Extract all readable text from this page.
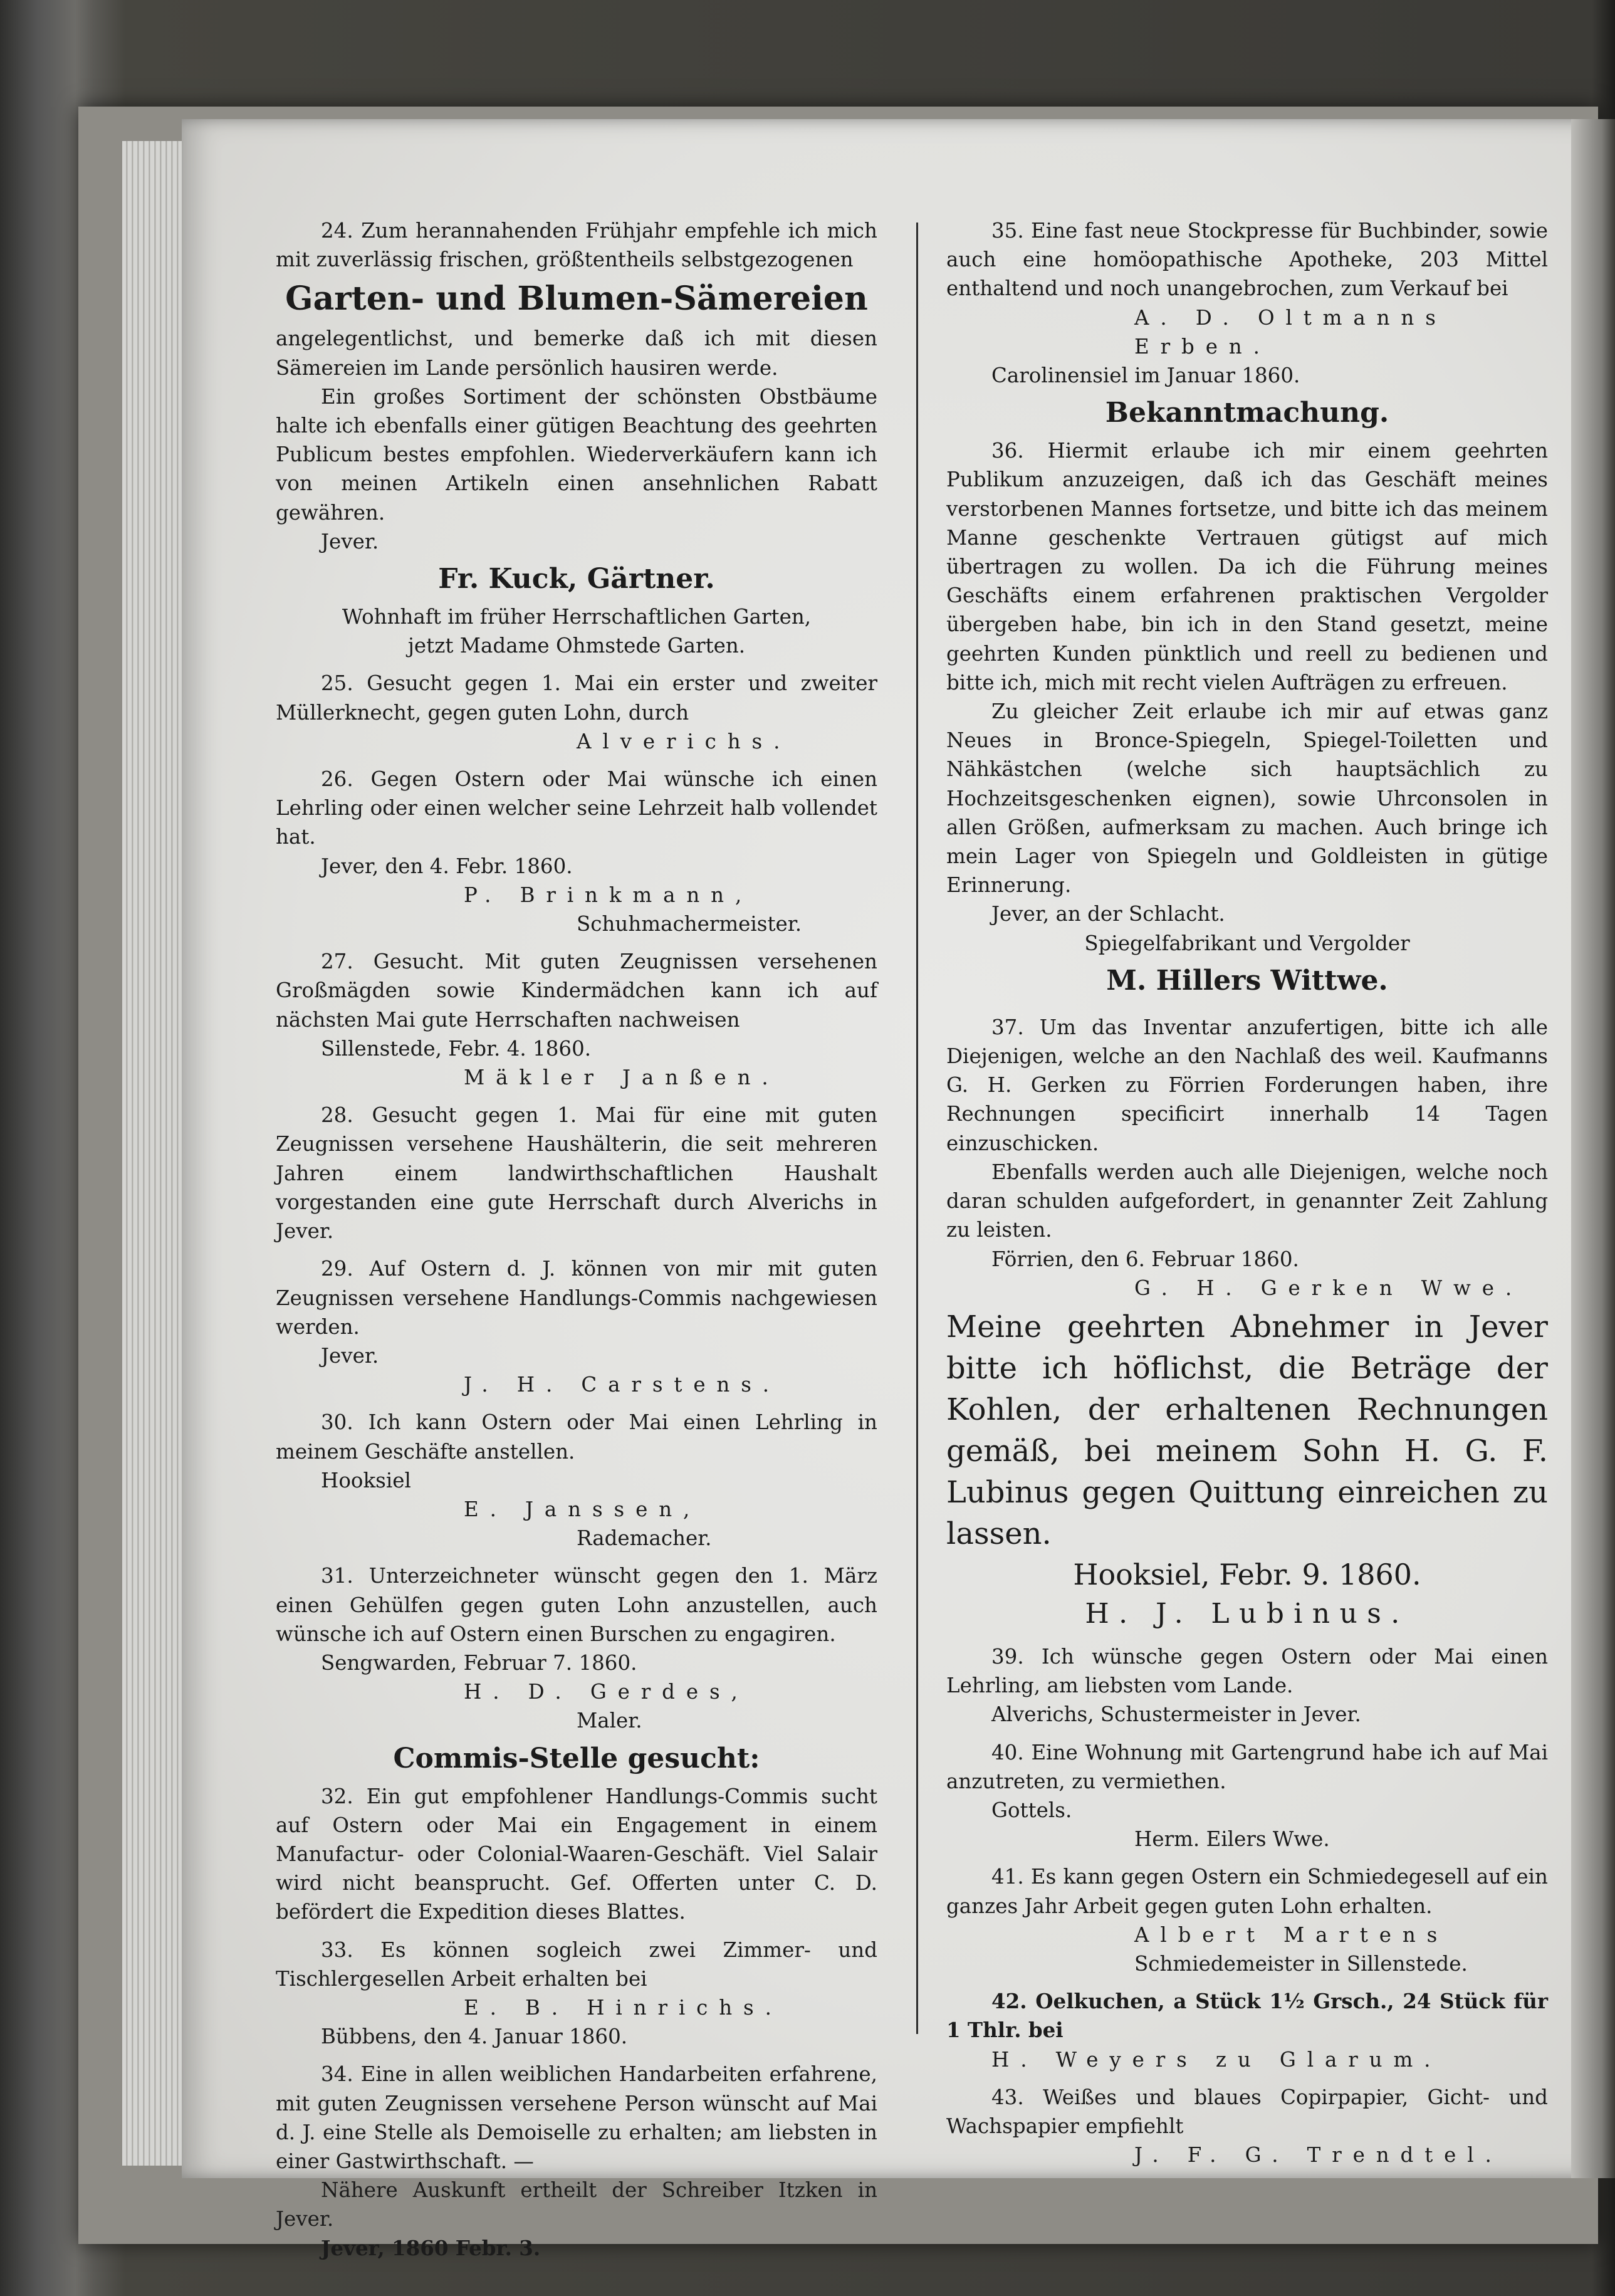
24. Zum herannahenden Frühjahr empfehle ich mich mit zuverlässig frischen, größtentheils selbstgezogenen

Garten- und Blumen-Sämereien

angelegentlichst, und bemerke daß ich mit diesen Sämereien im Lande persönlich hausiren werde.

Ein großes Sortiment der schönsten Obstbäume halte ich ebenfalls einer gütigen Beachtung des geehrten Publicum bestes empfohlen. Wiederverkäufern kann ich von meinen Artikeln einen ansehnlichen Rabatt gewähren.

Jever.

Fr. Kuck, Gärtner.

Wohnhaft im früher Herrschaftlichen Garten,

jetzt Madame Ohmstede Garten.

25. Gesucht gegen 1. Mai ein erster und zweiter Müllerknecht, gegen guten Lohn, durch

Alverichs.

26. Gegen Ostern oder Mai wünsche ich einen Lehrling oder einen welcher seine Lehrzeit halb vollendet hat.

Jever, den 4. Febr. 1860.

P. Brinkmann,

Schuhmachermeister.

27. Gesucht. Mit guten Zeugnissen versehenen Großmägden sowie Kindermädchen kann ich auf nächsten Mai gute Herrschaften nachweisen

Sillenstede, Febr. 4. 1860.

Mäkler Janßen.

28. Gesucht gegen 1. Mai für eine mit guten Zeugnissen versehene Haushälterin, die seit mehreren Jahren einem landwirthschaftlichen Haushalt vorgestanden eine gute Herrschaft durch Alverichs in Jever.

29. Auf Ostern d. J. können von mir mit guten Zeugnissen versehene Handlungs-Commis nachgewiesen werden.

Jever.

J. H. Carstens.

30. Ich kann Ostern oder Mai einen Lehrling in meinem Geschäfte anstellen.

Hooksiel

E. Janssen,

Rademacher.

31. Unterzeichneter wünscht gegen den 1. März einen Gehülfen gegen guten Lohn anzustellen, auch wünsche ich auf Ostern einen Burschen zu engagiren.

Sengwarden, Februar 7. 1860.

H. D. Gerdes,

Maler.

Commis-Stelle gesucht:

32. Ein gut empfohlener Handlungs-Commis sucht auf Ostern oder Mai ein Engagement in einem Manufactur- oder Colonial-Waaren-Geschäft. Viel Salair wird nicht beansprucht. Gef. Offerten unter C. D. befördert die Expedition dieses Blattes.

33. Es können sogleich zwei Zimmer- und Tischlergesellen Arbeit erhalten bei

E. B. Hinrichs.

Bübbens, den 4. Januar 1860.

34. Eine in allen weiblichen Handarbeiten erfahrene, mit guten Zeugnissen versehene Person wünscht auf Mai d. J. eine Stelle als Demoiselle zu erhalten; am liebsten in einer Gastwirthschaft. —

Nähere Auskunft ertheilt der Schreiber Itzken in Jever.

Jever, 1860 Febr. 3.

35. Eine fast neue Stockpresse für Buchbinder, sowie auch eine homöopathische Apotheke, 203 Mittel enthaltend und noch unangebrochen, zum Verkauf bei

A. D. Oltmanns Erben.

Carolinensiel im Januar 1860.

Bekanntmachung.

36. Hiermit erlaube ich mir einem geehrten Publikum anzuzeigen, daß ich das Geschäft meines verstorbenen Mannes fortsetze, und bitte ich das meinem Manne geschenkte Vertrauen gütigst auf mich übertragen zu wollen. Da ich die Führung meines Geschäfts einem erfahrenen praktischen Vergolder übergeben habe, bin ich in den Stand gesetzt, meine geehrten Kunden pünktlich und reell zu bedienen und bitte ich, mich mit recht vielen Aufträgen zu erfreuen.

Zu gleicher Zeit erlaube ich mir auf etwas ganz Neues in Bronce-Spiegeln, Spiegel-Toiletten und Nähkästchen (welche sich hauptsächlich zu Hochzeitsgeschenken eignen), sowie Uhrconsolen in allen Größen, aufmerksam zu machen. Auch bringe ich mein Lager von Spiegeln und Goldleisten in gütige Erinnerung.

Jever, an der Schlacht.

Spiegelfabrikant und Vergolder

M. Hillers Wittwe.

37. Um das Inventar anzufertigen, bitte ich alle Diejenigen, welche an den Nachlaß des weil. Kaufmanns G. H. Gerken zu Förrien Forderungen haben, ihre Rechnungen specificirt innerhalb 14 Tagen einzuschicken.

Ebenfalls werden auch alle Diejenigen, welche noch daran schulden aufgefordert, in genannter Zeit Zahlung zu leisten.

Förrien, den 6. Februar 1860.

G. H. Gerken Wwe.

Meine geehrten Abnehmer in Jever bitte ich höflichst, die Beträge der Kohlen, der erhaltenen Rechnungen gemäß, bei meinem Sohn H. G. F. Lubinus gegen Quittung einreichen zu lassen.

Hooksiel, Febr. 9. 1860.

H. J. Lubinus.

39. Ich wünsche gegen Ostern oder Mai einen Lehrling, am liebsten vom Lande.

Alverichs, Schustermeister in Jever.

40. Eine Wohnung mit Gartengrund habe ich auf Mai anzutreten, zu vermiethen.

Gottels.

Herm. Eilers Wwe.

41. Es kann gegen Ostern ein Schmiedegesell auf ein ganzes Jahr Arbeit gegen guten Lohn erhalten.

Albert Martens

Schmiedemeister in Sillenstede.

42. Oelkuchen, a Stück 1½ Grsch., 24 Stück für 1 Thlr. bei

H. Weyers zu Glarum.

43. Weißes und blaues Copirpapier, Gicht- und Wachspapier empfiehlt

J. F. G. Trendtel.
